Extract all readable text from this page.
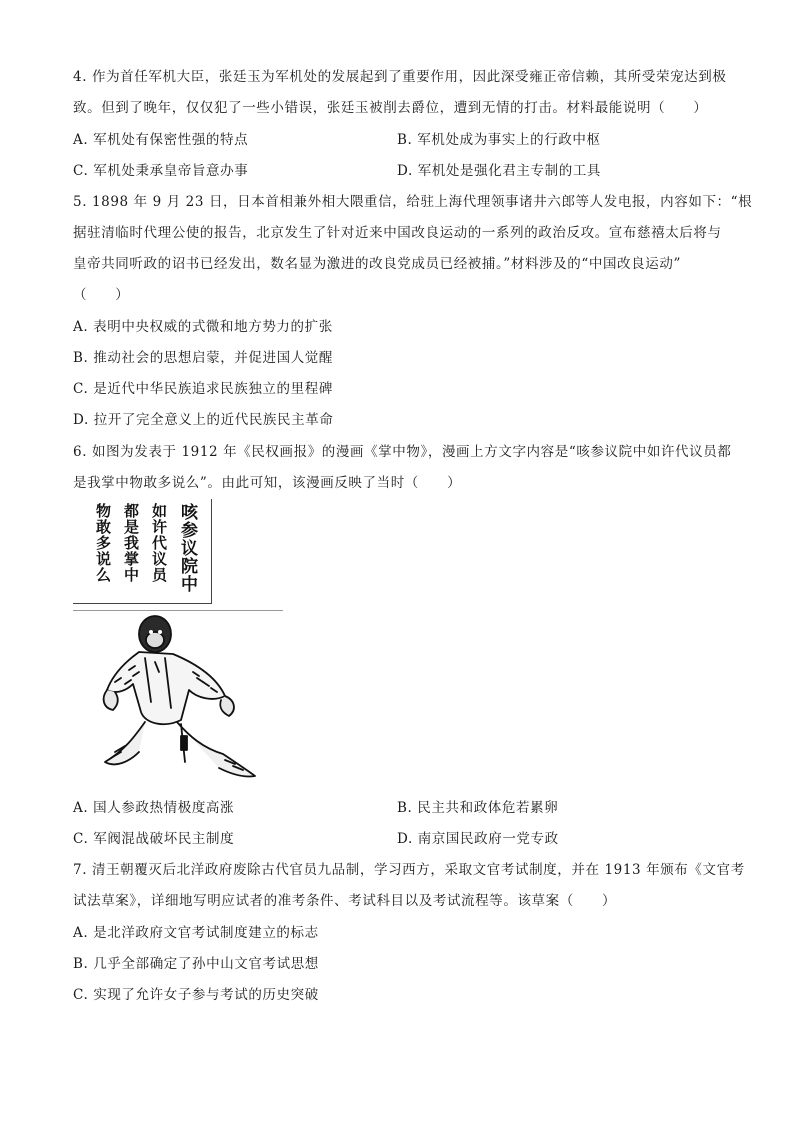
4. 作为首任军机大臣，张廷玉为军机处的发展起到了重要作用，因此深受雍正帝信赖，其所受荣宠达到极
致。但到了晚年，仅仅犯了一些小错误，张廷玉被削去爵位，遭到无情的打击。材料最能说明（　　）
A. 军机处有保密性强的特点	B. 军机处成为事实上的行政中枢
C. 军机处秉承皇帝旨意办事	D. 军机处是强化君主专制的工具
5. 1898 年 9 月 23 日，日本首相兼外相大隈重信，给驻上海代理领事诸井六郎等人发电报，内容如下：“根
据驻清临时代理公使的报告，北京发生了针对近来中国改良运动的一系列的政治反攻。宣布慈禧太后将与
皇帝共同听政的诏书已经发出，数名显为激进的改良党成员已经被捕。”材料涉及的“中国改良运动”
（　　）
A. 表明中央权威的式微和地方势力的扩张
B. 推动社会的思想启蒙，并促进国人觉醒
C. 是近代中华民族追求民族独立的里程碑
D. 拉开了完全意义上的近代民族民主革命
6. 如图为发表于 1912 年《民权画报》的漫画《掌中物》，漫画上方文字内容是“咳参议院中如许代议员都
是我掌中物敢多说么”。由此可知，该漫画反映了当时（　　）
咳参议院中
如许代议员
都是我掌中
物敢多说么
A. 国人参政热情极度高涨	B. 民主共和政体危若累卵
C. 军阀混战破坏民主制度	D. 南京国民政府一党专政
7. 清王朝覆灭后北洋政府废除古代官员九品制，学习西方，采取文官考试制度，并在 1913 年颁布《文官考
试法草案》，详细地写明应试者的准考条件、考试科目以及考试流程等。该草案（　　）
A. 是北洋政府文官考试制度建立的标志
B. 几乎全部确定了孙中山文官考试思想
C. 实现了允许女子参与考试的历史突破
